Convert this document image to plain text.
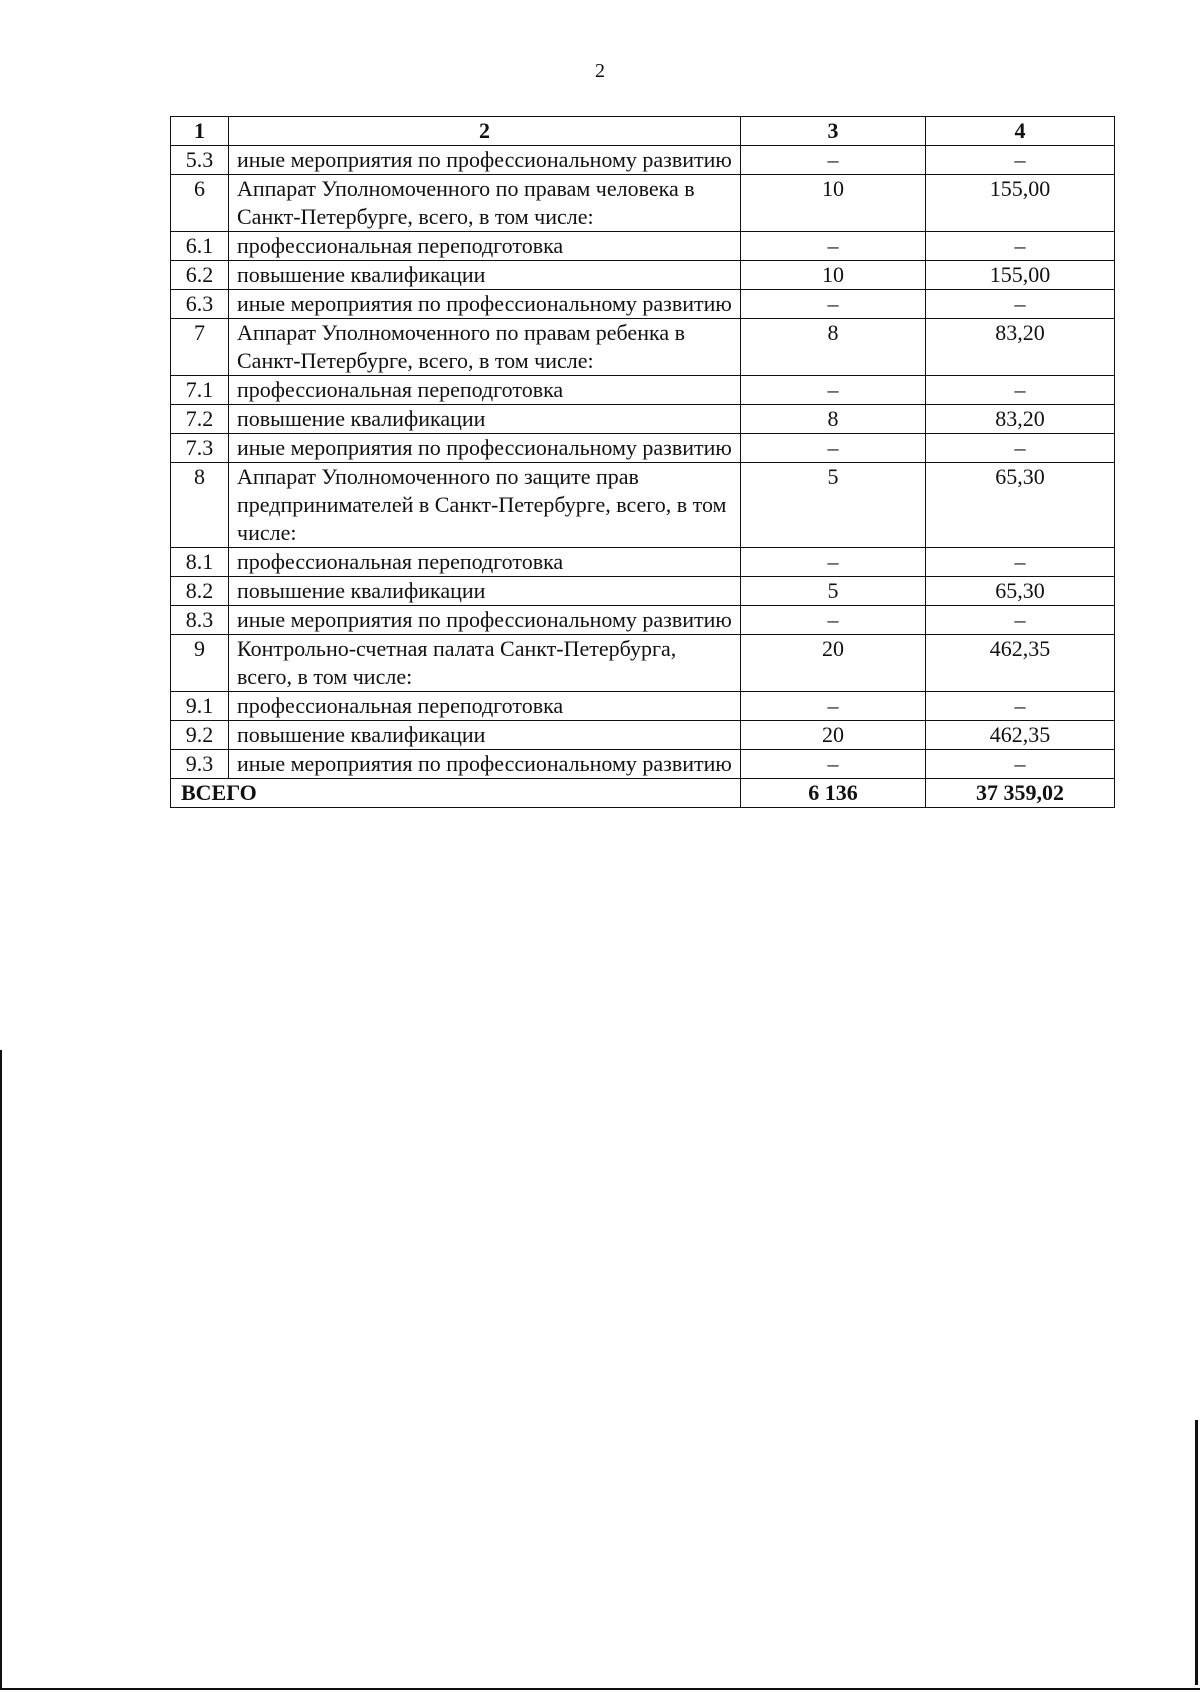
2
1	2	3	4
5.3	иные мероприятия по профессиональному развитию	–	–
6	Аппарат Уполномоченного по правам человека в Санкт-Петербурге, всего, в том числе:	10	155,00
6.1	профессиональная переподготовка	–	–
6.2	повышение квалификации	10	155,00
6.3	иные мероприятия по профессиональному развитию	–	–
7	Аппарат Уполномоченного по правам ребенка в Санкт-Петербурге, всего, в том числе:	8	83,20
7.1	профессиональная переподготовка	–	–
7.2	повышение квалификации	8	83,20
7.3	иные мероприятия по профессиональному развитию	–	–
8	Аппарат Уполномоченного по защите прав предпринимателей в Санкт-Петербурге, всего, в том числе:	5	65,30
8.1	профессиональная переподготовка	–	–
8.2	повышение квалификации	5	65,30
8.3	иные мероприятия по профессиональному развитию	–	–
9	Контрольно-счетная палата Санкт-Петербурга, всего, в том числе:	20	462,35
9.1	профессиональная переподготовка	–	–
9.2	повышение квалификации	20	462,35
9.3	иные мероприятия по профессиональному развитию	–	–
ВСЕГО		6 136	37 359,02
